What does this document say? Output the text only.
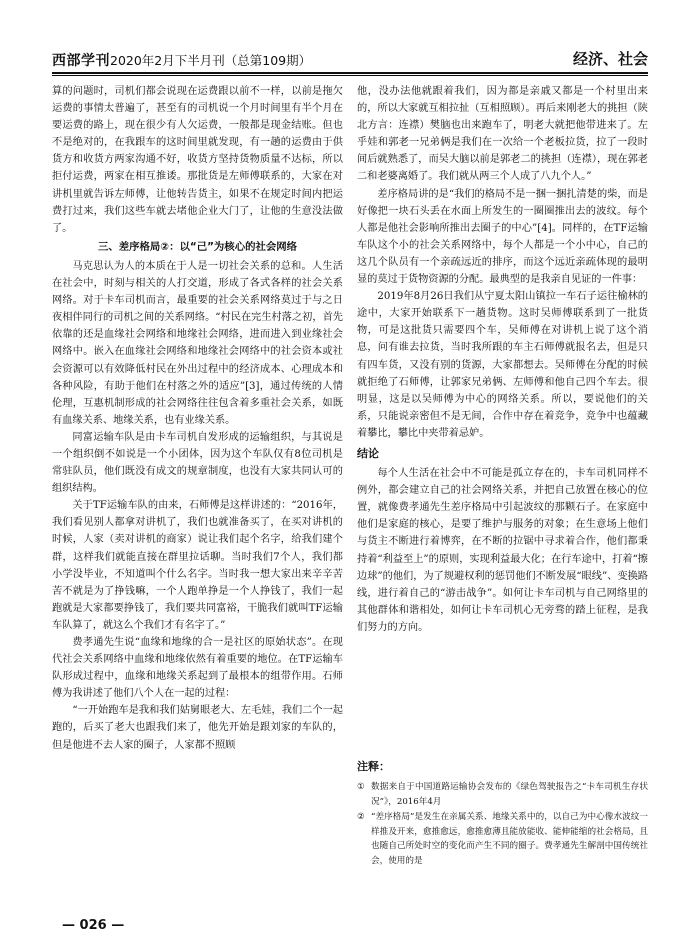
西部学刊2020年2月下半月刊（总第109期）	经济、社会

算的问题时，司机们都会说现在运费跟以前不一样，以前是拖欠运费的事情太普遍了，甚至有的司机说一个月时间里有半个月在要运费的路上，现在很少有人欠运费，一般都是现金结账。但也不是绝对的，在我跟车的这时间里就发现，有一趟的运费由于供货方和收货方两家沟通不好，收货方坚持货物质量不达标，所以拒付运费，两家在相互推诿。那批货是左师傅联系的，大家在对讲机里就告诉左师傅，让他转告货主，如果不在规定时间内把运费打过来，我们这些车就去堵他企业大门了，让他的生意没法做了。

三、差序格局②：以“己”为核心的社会网络

马克思认为人的本质在于人是一切社会关系的总和。人生活在社会中，时刻与相关的人打交道，形成了各式各样的社会关系网络。对于卡车司机而言，最重要的社会关系网络莫过于与之日夜相伴同行的司机之间的关系网络。“村民在完生村落之初，首先依靠的还是血缘社会网络和地缘社会网络，进而进入到业缘社会网络中。嵌入在血缘社会网络和地缘社会网络中的社会资本或社会资源可以有效降低村民在外出过程中的经济成本、心理成本和各种风险，有助于他们在村落之外的适应”[3]，通过传统的人情伦理，互惠机制形成的社会网络往往包含着多重社会关系，如既有血缘关系、地缘关系，也有业缘关系。

同富运输车队是由卡车司机自发形成的运输组织，与其说是一个组织倒不如说是一个小团体，因为这个车队仅有8位司机是常驻队员，他们既没有成文的规章制度，也没有大家共同认可的组织结构。

关于TF运输车队的由来，石师傅是这样讲述的：“2016年，我们看见别人都拿对讲机了，我们也就准备买了，在买对讲机的时候，人家（卖对讲机的商家）说让我们起个名字，给我们建个群，这样我们就能直接在群里拉话聊。当时我们7个人，我们都小学没毕业，不知道叫个什么名字。当时我一想大家出来辛辛苦苦不就是为了挣钱嘛，一个人跑单挣是一个人挣钱了，我们一起跑就是大家都要挣钱了，我们要共同富裕，干脆我们就叫TF运输车队算了，就这么个我们才有名字了。”

费孝通先生说“血缘和地缘的合一是社区的原始状态”。在现代社会关系网络中血缘和地缘依然有着重要的地位。在TF运输车队形成过程中，血缘和地缘关系起到了最根本的组带作用。石师傅为我讲述了他们八个人在一起的过程：

“一开始跑车是我和我们姑舅眼老大、左毛娃，我们二个一起跑的，后买了老大也跟我们来了，他先开始是跟刘家的车队的，但是他进不去人家的圈子，人家都不照顾

他，没办法他就跟着我们，因为都是亲戚又都是一个村里出来的，所以大家就互相拉扯（互相照顾）。再后来刚老大的挑担（陕北方言：连襟）樊脑也出来跑车了，明老大就把他带进来了。左乎娃和郭老一兄弟俩是我们在一次给一个老板拉货，拉了一段时间后就熟悉了，而吴大脑以前是郭老二的挑担（连襟），现在郭老二和老婆离婚了。我们就从两三个人成了八九个人。”

差序格局讲的是“我们的格局不是一捆一捆扎清楚的柴，而是好像把一块石头丢在水面上所发生的一圈圈推出去的波纹。每个人都是他社会影响所推出去圈子的中心”[4]。同样的，在TF运输车队这个小的社会关系网络中，每个人都是一个小中心，自己的这几个队员有一个亲疏远近的排序，而这个远近亲疏体现的最明显的莫过于货物资源的分配。最典型的是我亲自见证的一件事：

2019年8月26日我们从宁夏太阳山镇拉一车石子运往榆林的途中，大家开始联系下一趟货物。这时吴师傅联系到了一批货物，可是这批货只需要四个车，吴师傅在对讲机上说了这个消息，问有谁去拉货，当时我所跟的车主石师傅就报名去，但是只有四车货，又没有别的货源，大家都想去。吴师傅在分配的时候就拒绝了石师傅，让郭家兄弟俩、左师傅和他自己四个车去。很明显，这是以吴师傅为中心的网络关系。所以，要说他们的关系，只能说亲密但不是无间，合作中存在着竞争，竞争中也蕴藏着攀比，攀比中夹带着忌妒。

结论

每个人生活在社会中不可能是孤立存在的，卡车司机同样不例外，都会建立自己的社会网络关系，并把自己放置在核心的位置，就像费孝通先生差序格局中引起波纹的那颗石子。在家庭中他们是家庭的核心，是要了维护与服务的对象；在生意场上他们与货主不断进行着博弈，在不断的拉锯中寻求着合作，他们都秉持着“利益至上”的原则，实现利益最大化；在行车途中，打着“擦边球”的他们，为了规避权利的惩罚他们不断发展“眼线”、变换路线，进行着自己的“游击战争”。如何让卡车司机与自己网络里的其他群体和谐相处，如何让卡车司机心无旁骛的踏上征程，是我们努力的方向。

注释：
① 数据来自于中国道路运输协会发布的《绿色驾驶报告之“卡车司机生存状况”》，2016年4月
② “差序格局”是发生在亲属关系、地缘关系中的，以自己为中心像水波纹一样推及开来，愈推愈远，愈推愈薄且能放能收、能伸能缩的社会格局，且也随自己所处时空的变化而产生不同的圈子。费孝通先生解剖中国传统社会，使用的是
— 026 —
